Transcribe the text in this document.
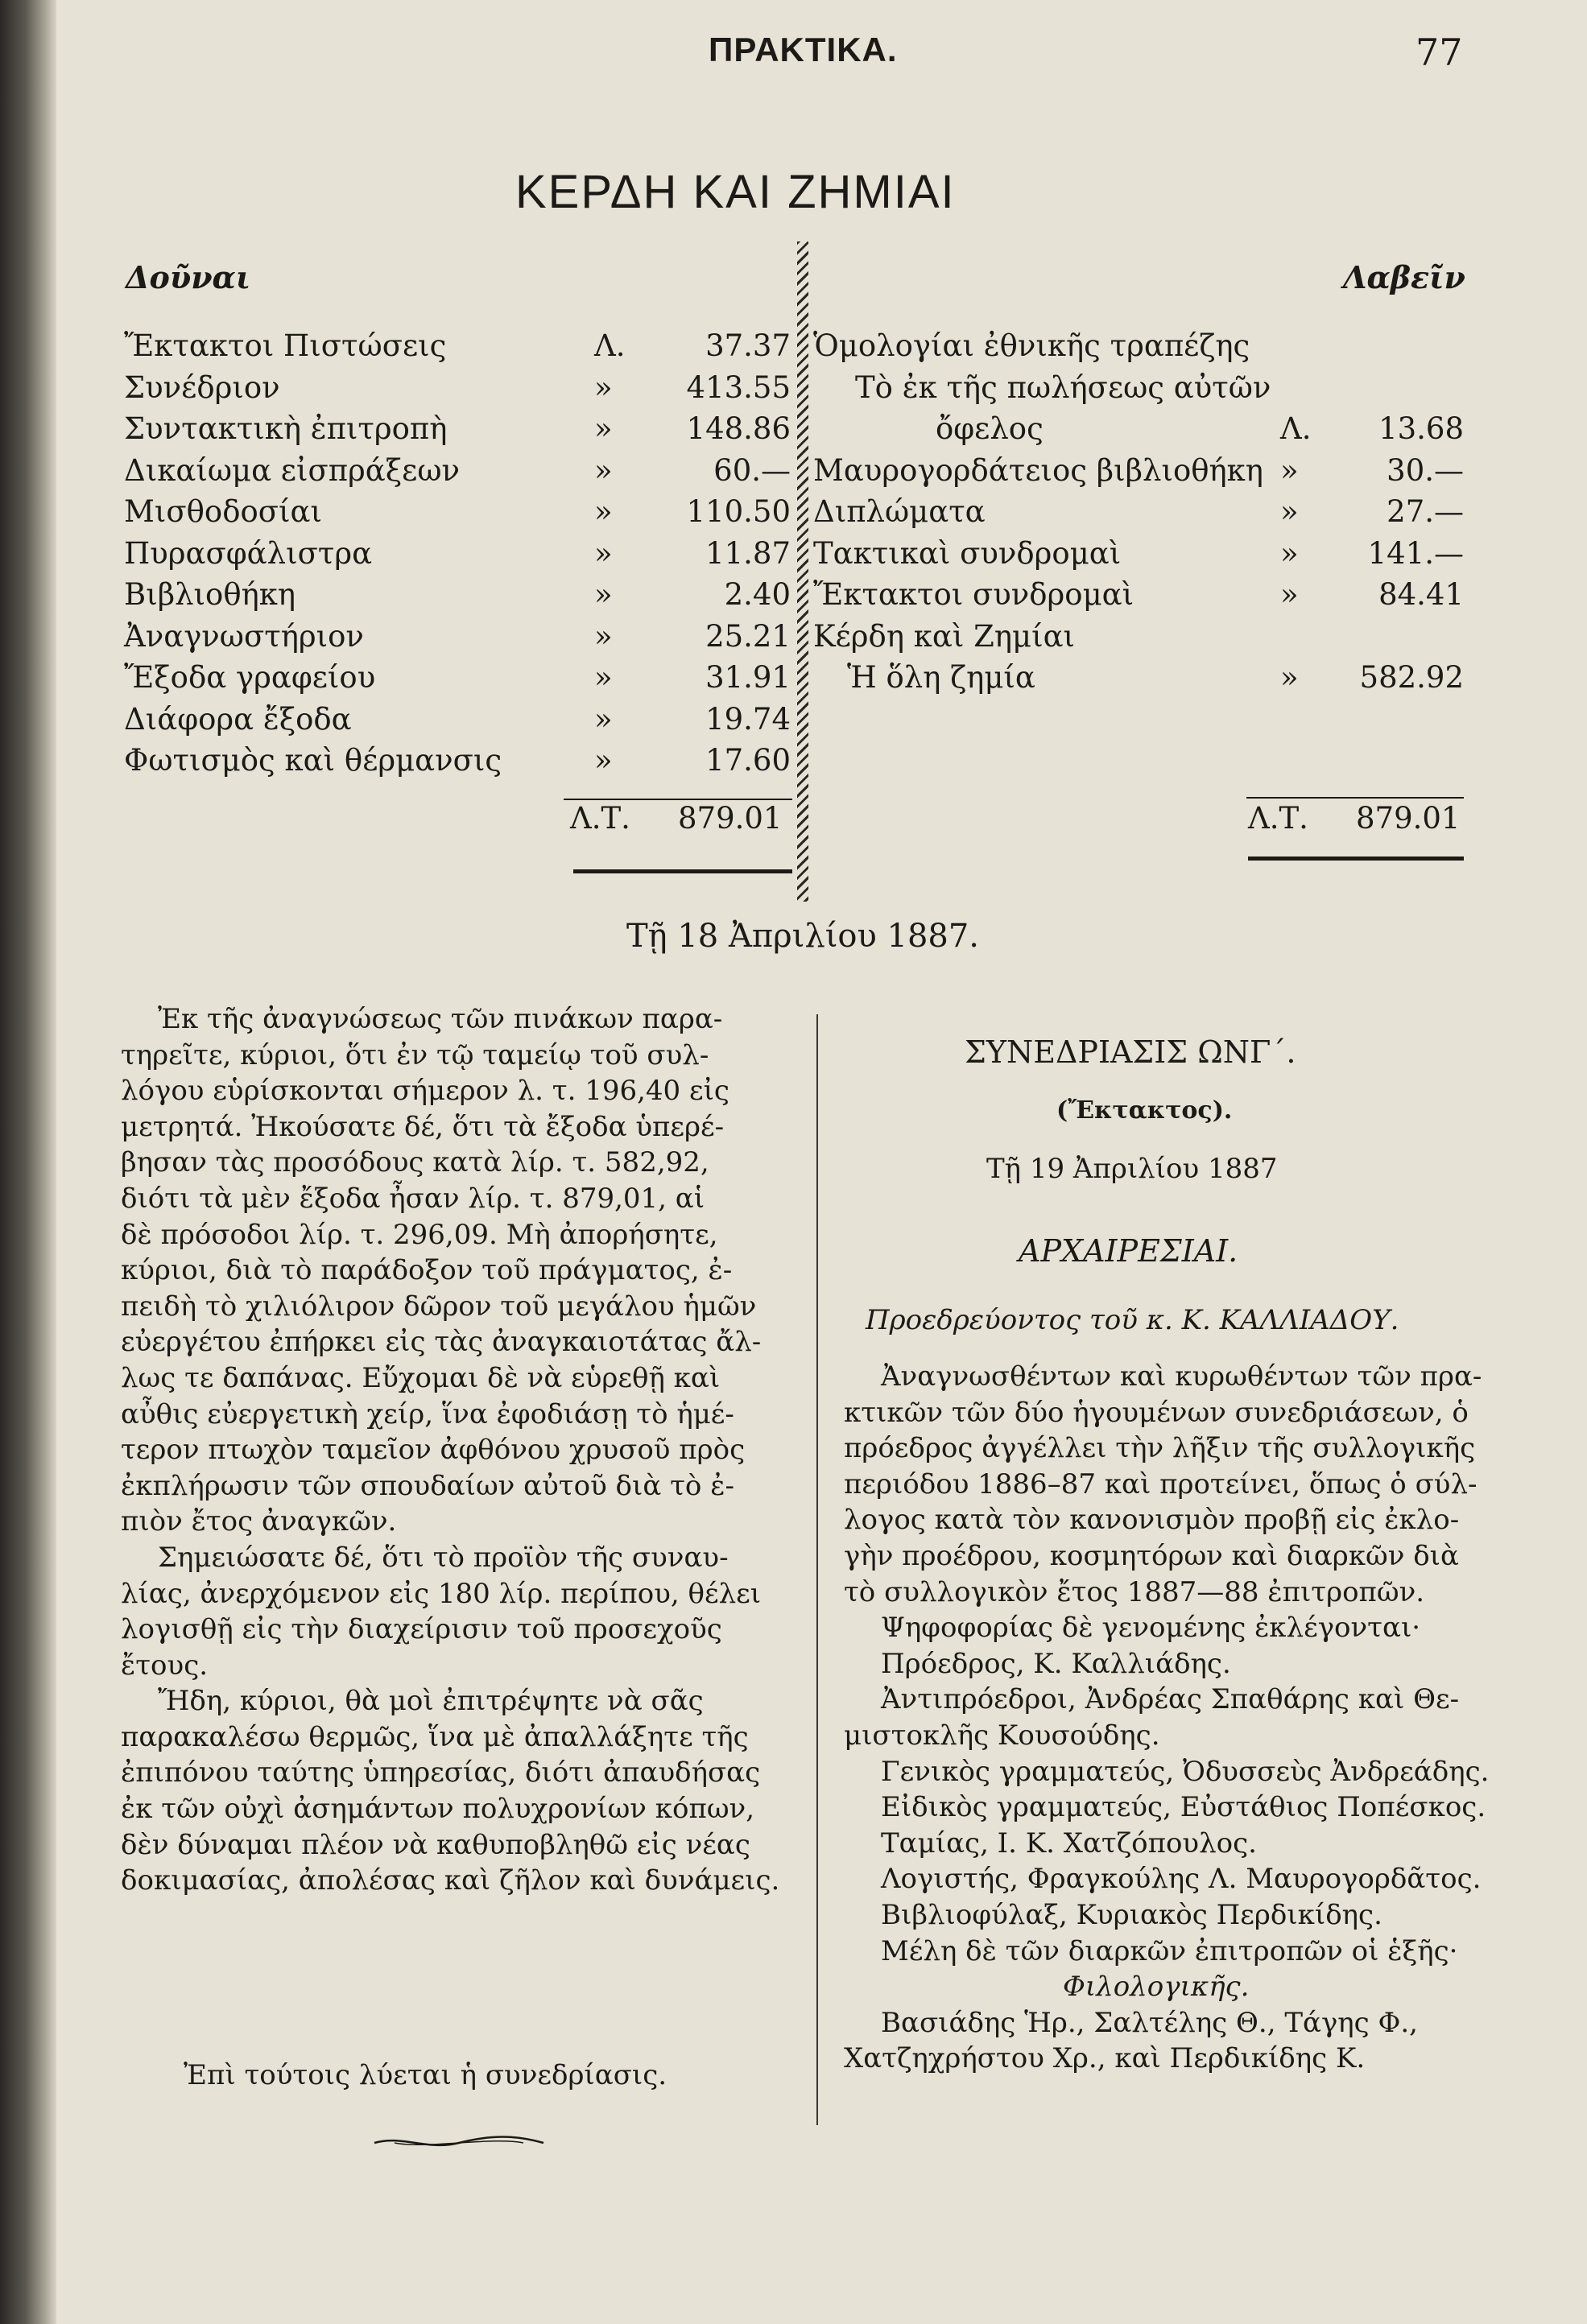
ΠΡΑΚΤΙΚΑ.	77
ΚΕΡΔΗ ΚΑΙ ΖΗΜΙΑΙ
Δοῦναι	Λαβεῖν
Ἔκτακτοι Πιστώσεις	Λ.	37.37
Συνέδριον	»	413.55
Συντακτικὴ ἐπιτροπὴ	»	148.86
Δικαίωμα εἰσπράξεων	»	60.—
Μισθοδοσίαι	»	110.50
Πυρασφάλιστρα	»	11.87
Βιβλιοθήκη	»	2.40
Ἀναγνωστήριον	»	25.21
Ἔξοδα γραφείου	»	31.91
Διάφορα ἔξοδα	»	19.74
Φωτισμὸς καὶ θέρμανσις	»	17.60
Ὁμολογίαι ἐθνικῆς τραπέζης
Τὸ ἐκ τῆς πωλήσεως αὐτῶν
ὄφελος	Λ.	13.68
Μαυρογορδάτειος βιβλιοθήκη »	30.—
Διπλώματα	»	27.—
Τακτικαὶ συνδρομαὶ	»	141.—
Ἔκτακτοι συνδρομαὶ	»	84.41
Κέρδη καὶ Ζημίαι
Ἡ ὅλη ζημία	»	582.92
Λ.Τ. 879.01	Λ.Τ. 879.01
Τῇ 18 Ἀπριλίου 1887.
Ἐκ τῆς ἀναγνώσεως τῶν πινάκων παρα-
τηρεῖτε, κύριοι, ὅτι ἐν τῷ ταμείῳ τοῦ συλ-
λόγου εὑρίσκονται σήμερον λ. τ. 196,40 εἰς
μετρητά. Ἠκούσατε δέ, ὅτι τὰ ἔξοδα ὑπερέ-
βησαν τὰς προσόδους κατὰ λίρ. τ. 582,92,
διότι τὰ μὲν ἔξοδα ἦσαν λίρ. τ. 879,01, αἱ
δὲ πρόσοδοι λίρ. τ. 296,09. Μὴ ἀπορήσητε,
κύριοι, διὰ τὸ παράδοξον τοῦ πράγματος, ἐ-
πειδὴ τὸ χιλιόλιρον δῶρον τοῦ μεγάλου ἡμῶν
εὐεργέτου ἐπήρκει εἰς τὰς ἀναγκαιοτάτας ἄλ-
λως τε δαπάνας. Εὔχομαι δὲ νὰ εὑρεθῇ καὶ
αὖθις εὐεργετικὴ χείρ, ἵνα ἐφοδιάσῃ τὸ ἡμέ-
τερον πτωχὸν ταμεῖον ἀφθόνου χρυσοῦ πρὸς
ἐκπλήρωσιν τῶν σπουδαίων αὐτοῦ διὰ τὸ ἐ-
πιὸν ἔτος ἀναγκῶν.
Σημειώσατε δέ, ὅτι τὸ προϊὸν τῆς συναυ-
λίας, ἀνερχόμενον εἰς 180 λίρ. περίπου, θέλει
λογισθῇ εἰς τὴν διαχείρισιν τοῦ προσεχοῦς
ἔτους.
Ἤδη, κύριοι, θὰ μοὶ ἐπιτρέψητε νὰ σᾶς
παρακαλέσω θερμῶς, ἵνα μὲ ἀπαλλάξητε τῆς
ἐπιπόνου ταύτης ὑπηρεσίας, διότι ἀπαυδήσας
ἐκ τῶν οὐχὶ ἀσημάντων πολυχρονίων κόπων,
δὲν δύναμαι πλέον νὰ καθυποβληθῶ εἰς νέας
δοκιμασίας, ἀπολέσας καὶ ζῆλον καὶ δυνάμεις.
Ἐπὶ τούτοις λύεται ἡ συνεδρίασις.
ΣΥΝΕΔΡΙΑΣΙΣ ΩΝΓ΄.
(Ἔκτακτος).
Τῇ 19 Ἀπριλίου 1887
ΑΡΧΑΙΡΕΣΙΑΙ.
Προεδρεύοντος τοῦ κ. Κ. ΚΑΛΛΙΑΔΟΥ.
Ἀναγνωσθέντων καὶ κυρωθέντων τῶν πρα-
κτικῶν τῶν δύο ἡγουμένων συνεδριάσεων, ὁ
πρόεδρος ἀγγέλλει τὴν λῆξιν τῆς συλλογικῆς
περιόδου 1886–87 καὶ προτείνει, ὅπως ὁ σύλ-
λογος κατὰ τὸν κανονισμὸν προβῇ εἰς ἐκλο-
γὴν προέδρου, κοσμητόρων καὶ διαρκῶν διὰ
τὸ συλλογικὸν ἔτος 1887—88 ἐπιτροπῶν.
Ψηφοφορίας δὲ γενομένης ἐκλέγονται·
Πρόεδρος, Κ. Καλλιάδης.
Ἀντιπρόεδροι, Ἀνδρέας Σπαθάρης καὶ Θε-
μιστοκλῆς Κουσούδης.
Γενικὸς γραμματεύς, Ὀδυσσεὺς Ἀνδρεάδης.
Εἰδικὸς γραμματεύς, Εὐστάθιος Ποπέσκος.
Ταμίας, Ι. Κ. Χατζόπουλος.
Λογιστής, Φραγκούλης Λ. Μαυρογορδᾶτος.
Βιβλιοφύλαξ, Κυριακὸς Περδικίδης.
Μέλη δὲ τῶν διαρκῶν ἐπιτροπῶν οἱ ἑξῆς·
Φιλολογικῆς.
Βασιάδης Ἡρ., Σαλτέλης Θ., Τάγης Φ.,
Χατζηχρήστου Χρ., καὶ Περδικίδης Κ.
